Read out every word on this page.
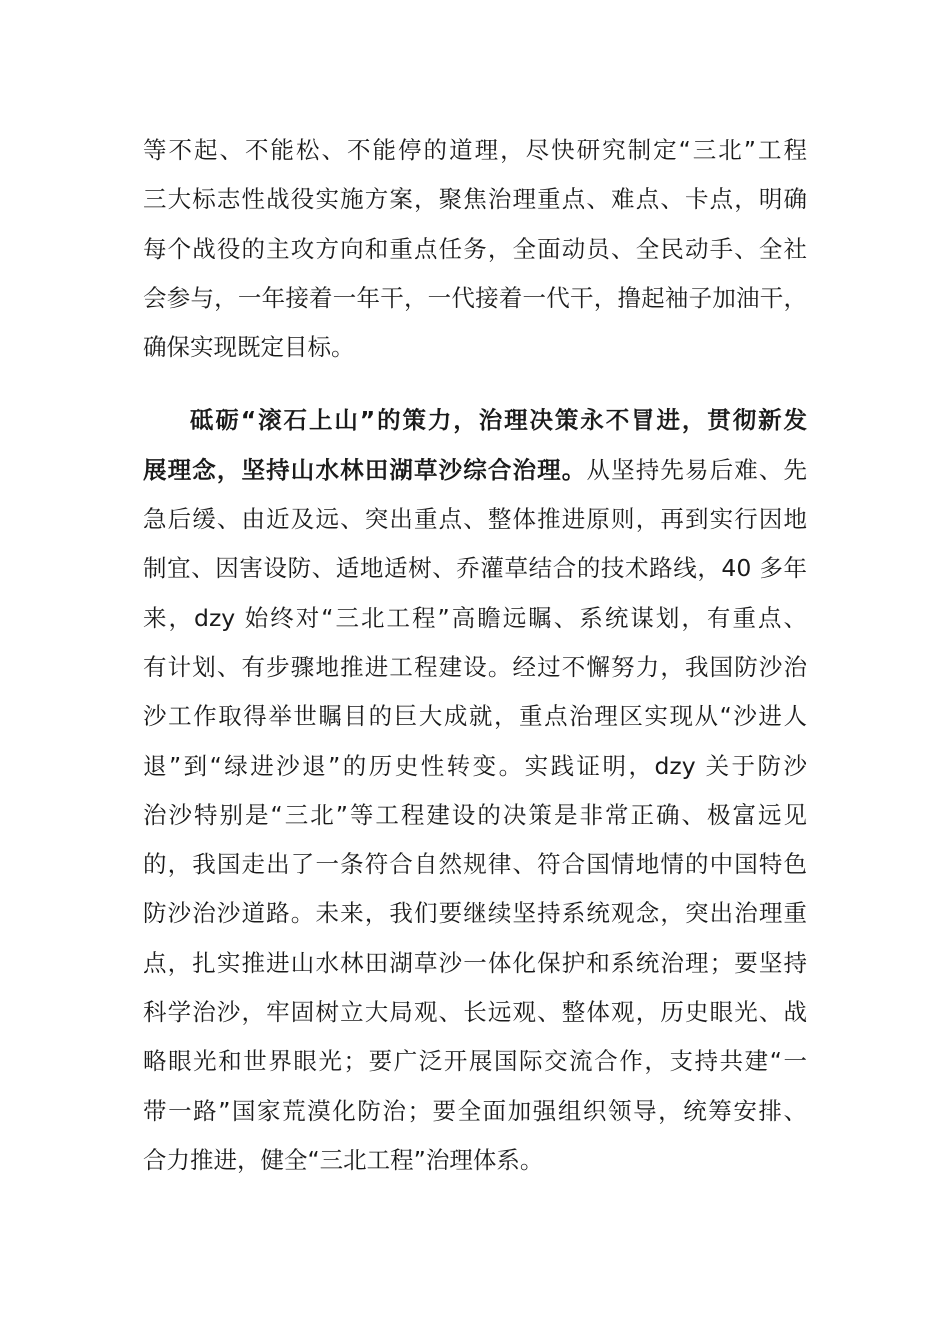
等不起、不能松、不能停的道理，尽快研究制定“三北”工程
三大标志性战役实施方案，聚焦治理重点、难点、卡点，明确
每个战役的主攻方向和重点任务，全面动员、全民动手、全社
会参与，一年接着一年干，一代接着一代干，撸起袖子加油干，
确保实现既定目标。
砥砺“滚石上山”的策力，治理决策永不冒进，贯彻新发
展理念，坚持山水林田湖草沙综合治理。从坚持先易后难、先
急后缓、由近及远、突出重点、整体推进原则，再到实行因地
制宜、因害设防、适地适树、乔灌草结合的技术路线，40 多年
来，dzy 始终对“三北工程”高瞻远瞩、系统谋划，有重点、
有计划、有步骤地推进工程建设。经过不懈努力，我国防沙治
沙工作取得举世瞩目的巨大成就，重点治理区实现从“沙进人
退”到“绿进沙退”的历史性转变。实践证明，dzy 关于防沙
治沙特别是“三北”等工程建设的决策是非常正确、极富远见
的，我国走出了一条符合自然规律、符合国情地情的中国特色
防沙治沙道路。未来，我们要继续坚持系统观念，突出治理重
点，扎实推进山水林田湖草沙一体化保护和系统治理；要坚持
科学治沙，牢固树立大局观、长远观、整体观，历史眼光、战
略眼光和世界眼光；要广泛开展国际交流合作，支持共建“一
带一路”国家荒漠化防治；要全面加强组织领导，统筹安排、
合力推进，健全“三北工程”治理体系。
